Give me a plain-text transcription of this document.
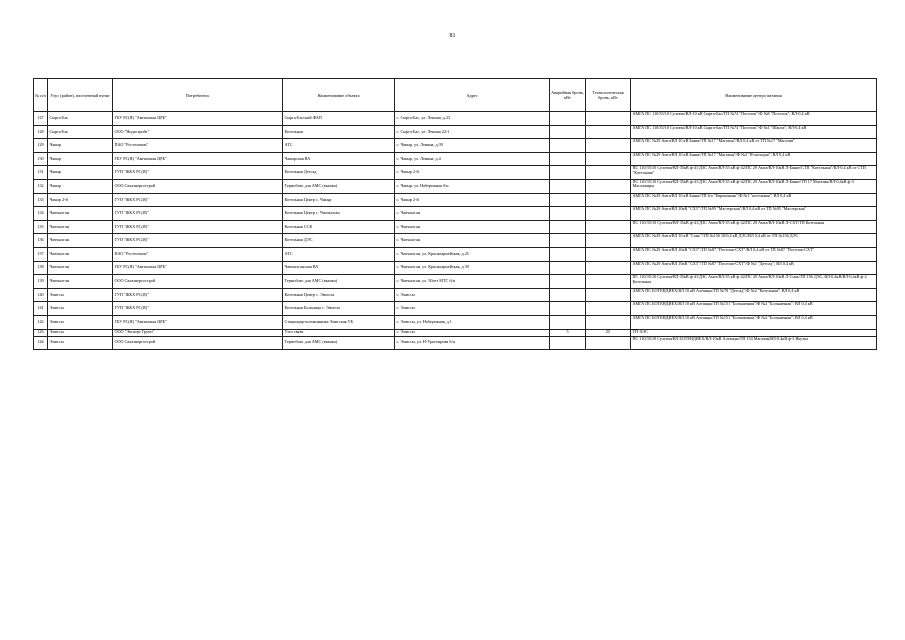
81
№ п/п	Улус (район), населенный пункт	Потребитель	Наименование объекта	Адрес	Аварийная бронь, кВт	Технологическая бронь, кВт	Наименование центра питания
127	Сырга-Бас	ГБУ РС(Я) "Амгинская ЦРБ"	Сырга-Басский ФАП	с. Сырга-Бас, ул. Ленина, д.23			АМГА ПС 110/35/10 Сулгачи/ВЛ-10 кВ Сырга-Бас/ТП №74 "Поселок"/Ф №8 "Поселок"; ВЛ-0,4 кВ
128	Сырга-Бас	ООО "Нидастройт"	Котельная	с. Сырга-Бас, ул. Ленина 22/1			АМГА ПС 110/35/10 Сулгачи/ВЛ-10 кВ Сырга-Бас/ТП №74 "Поселок"/Ф №1 "Школа"; ВЛ-0,4 кВ
129	Чакыр	ПАО "Ростелеком"	АТС	с. Чакыр, ул. Ленина, д.39			АМГА ПС №29 Амга/ВЛ 10 кВ Бянке/ТП №17 "Магазин"/ВЛ 0,4 кВ от ТП №17 "Магазин"
130	Чакыр	ГБУ РС(Я) "Амгинская ЦРБ"	Чакырская ВА	с. Чакыр, ул. Ленина, д.4			АМГА ПС №29 Амга/ВЛ 10 кВ Бянке/ТП №17 "Магазин"/Ф №2 "Я-молодая"; ВЛ 0,4 кВ
131	Чакыр	ГУП "ЖКХ РС(Я)"	Котельная Детсад	с. Чакыр 2-й			ПС 110/35/10 Сулгачи/ВЛ-35кВ ф-41/ДЗС Амга/ВЛ-35 кВ ф-42/ПС 29 Амга/ВЛ-10кВ Л-Бянке/СТП "Котельная"/ВЛ-0,4 кВ от СТП "Котельная"
132	Чакыр	ООО Сахаэнергострой	Термобокс для АМС (вышка)	с. Чакыр, ул. Набережная б/н			ПС 110/35/10 Сулгачи/ВЛ-35кВ ф-41/ДЗС Амга/ВЛ-35 кВ ф-42/ПС 29 Амга/ВЛ-10кВ Л-Бянке/ТП 17 Магазин/ВЛ-0,4кВ ф-3 Масложиры
133	Чакыр 2-й	ГУП "ЖКХ РС(Я)"	Котельная Центр с. Чакыр	с. Чакыр 2-й			АМГА ПС №29 Амга/ВЛ 10 кВ Бянке/ТП 6/a "Евроконьяк"/Ф №1 "котельная", ВЛ 0,4 кВ
134	Чапчылган	ГУП "ЖКХ РС(Я)"	Котельная Центр с. Чапчылган	с. Чапчылган			АМГА ПС №29 Амга/ВЛ 10кВ "СХТ"/ТП №95 "Мастерская"/ВЛ 0,4 кВ от ТП №95 "Мастерская"
135	Чапчылган	ГУП "ЖКХ РС(Я)"	Котельная ССК	с. Чапчылган			ПС 110/35/10 Сулгачи/ВЛ-35кВ ф-41/ДЗС Амга/ВЛ-35 кВ ф-42/ПС 29 Амга/ВЛ-10кВ Л-СХТ/ТП Котельная
136	Чапчылган	ГУП "ЖКХ РС(Я)"	Котельная ДЭС	с. Чапчылган			АМГА ПС №29 Амга/ВЛ 10 кВ "Сонь"/ТП №156 10/0,4 кВ ДЭС/ВЛ 0,4 кВ от ТП №156 ДЭС
137	Чапчылган	ПАО "Ростелеком"	АТС	с. Чапчылган, ул. Красноармейская, д.25			АМГА ПС №29 Амга/ВЛ 10кВ "СХТ"/ТП №87 "Поселок-СХТ"/ВЛ 0,4 кВ от ТП №87 "Поселок-СХТ"
138	Чапчылган	ГБУ РС(Я) "Амгинская ЦРБ"	Чапчылганская ВА	с. Чапчылган, ул. Красноармейская, д.39			АМГА ПС №29 Амга/ВЛ 10кВ "СХТ"/ТП №87 "Поселок-СХТ"/Ф №1 "Детсад"; ВЛ 0,4 кВ
139	Чапчылган	ООО Сахаэнергострой	Термобокс для АМС (вышка)	с. Чапчылган, ул. 50лет МТС б/н			ПС 110/35/10 Сулгачи/ВЛ-35кВ ф-41/ДЗС Амга/ВЛ-35 кВ ф-42/ПС 29 Амга/ВЛ-10кВ Л-Сонь/ТП 156 ДЭС, ВЛ-0,4кВ/ВЛ-0,4кВ ф-2 Котельная
140	Эмиссы	ГУП "ЖКХ РС(Я)"	Котельная Центр с. Эмиссы	с. Эмиссы			АМГА ПС БОТЕНДИЕХ/ВЛ 10 кВ Алтанцы/ТП №78 "Детсад"/Ф №2 "Котельная"; ВЛ 0,4 кВ
141	Эмиссы	ГУП "ЖКХ РС(Я)"	Котельная Больница с. Эмиссы	с. Эмиссы			АМГА ПС БОТЕНДИЕХ/ВЛ 10 кВ Алтанцы/ТП №151 "Больничная"/Ф №2 "Больничная"; ВЛ 0,4 кВ
142	Эмиссы	ГБУ РС(Я) "Амгинская ЦРБ"	Стационар-поликлиника Эмисская УБ	с. Эмиссы, ул. Набережная, д.1			АМГА ПС БОТЕНДИЕХ/ВЛ 10 кВ Алтанцы/ТП №151 "Больничная"/Ф №2 "Больничная"; ВЛ 0,4 кВ
143	Эмиссы	ООО "Эксперт Групп"	Узел связи	с. Эмиссы	5	25	ТП-АЭС
144	Эмиссы	ООО Сахаэнергострой	Термобокс для АМС (вышка)	с. Эмиссы, ул. Н-Урастырова б/н			ПС 110/35/10 Сулгачи/ВЛ БОТЕНДИЕХ/ВЛ-10кВ Алтанцы/ТП 154 Магазин/ВЛ-0,4кВ ф-3 Якутка
